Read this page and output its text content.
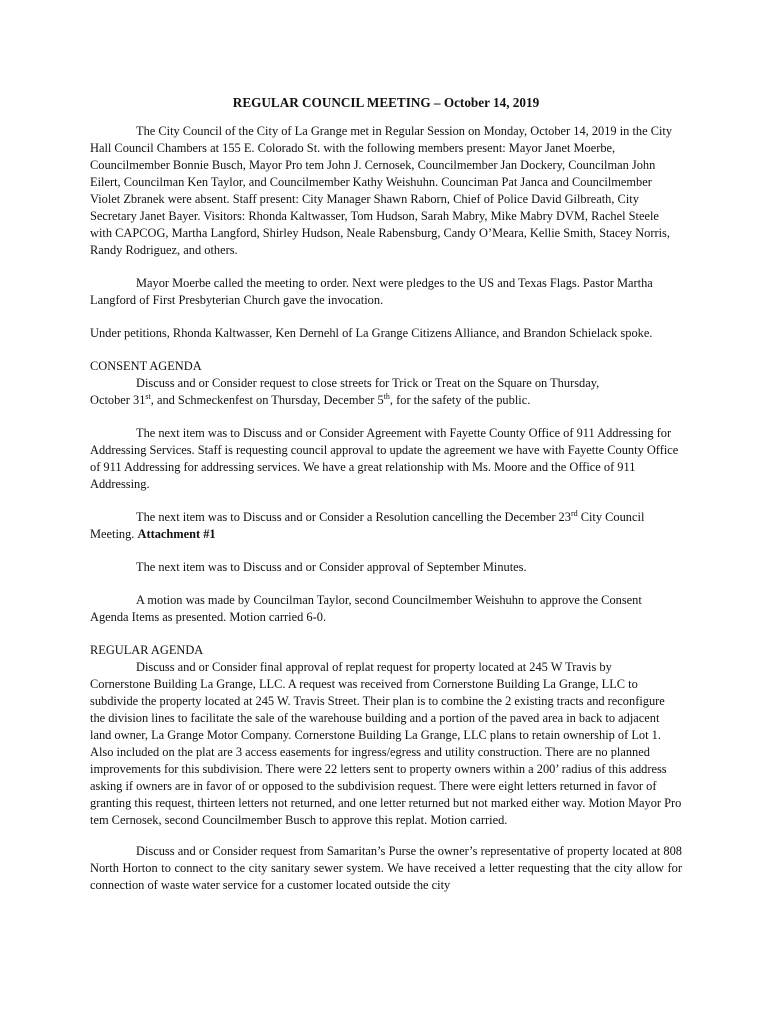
REGULAR COUNCIL MEETING – October 14, 2019

The City Council of the City of La Grange met in Regular Session on Monday, October 14, 2019 in the City Hall Council Chambers at 155 E. Colorado St. with the following members present: Mayor Janet Moerbe, Councilmember Bonnie Busch, Mayor Pro tem John J. Cernosek, Councilmember Jan Dockery, Councilman John Eilert, Councilman Ken Taylor, and Councilmember Kathy Weishuhn. Counciman Pat Janca and Councilmember Violet Zbranek were absent. Staff present: City Manager Shawn Raborn, Chief of Police David Gilbreath, City Secretary Janet Bayer. Visitors: Rhonda Kaltwasser, Tom Hudson, Sarah Mabry, Mike Mabry DVM, Rachel Steele with CAPCOG, Martha Langford, Shirley Hudson, Neale Rabensburg, Candy O’Meara, Kellie Smith, Stacey Norris, Randy Rodriguez, and others.

Mayor Moerbe called the meeting to order. Next were pledges to the US and Texas Flags. Pastor Martha Langford of First Presbyterian Church gave the invocation.

Under petitions, Rhonda Kaltwasser, Ken Dernehl of La Grange Citizens Alliance, and Brandon Schielack spoke.

CONSENT AGENDA

Discuss and or Consider request to close streets for Trick or Treat on the Square on Thursday,
October 31st, and Schmeckenfest on Thursday, December 5th, for the safety of the public.

The next item was to Discuss and or Consider Agreement with Fayette County Office of 911 Addressing for Addressing Services. Staff is requesting council approval to update the agreement we have with Fayette County Office of 911 Addressing for addressing services. We have a great relationship with Ms. Moore and the Office of 911 Addressing.

The next item was to Discuss and or Consider a Resolution cancelling the December 23rd City Council Meeting. Attachment #1

The next item was to Discuss and or Consider approval of September Minutes.

A motion was made by Councilman Taylor, second Councilmember Weishuhn to approve the Consent Agenda Items as presented. Motion carried 6-0.

REGULAR AGENDA

Discuss and or Consider final approval of replat request for property located at 245 W Travis by
Cornerstone Building La Grange, LLC. A request was received from Cornerstone Building La Grange, LLC to subdivide the property located at 245 W. Travis Street. Their plan is to combine the 2 existing tracts and reconfigure the division lines to facilitate the sale of the warehouse building and a portion of the paved area in back to adjacent land owner, La Grange Motor Company. Cornerstone Building La Grange, LLC plans to retain ownership of Lot 1. Also included on the plat are 3 access easements for ingress/egress and utility construction. There are no planned improvements for this subdivision. There were 22 letters sent to property owners within a 200’ radius of this address asking if owners are in favor of or opposed to the subdivision request. There were eight letters returned in favor of granting this request, thirteen letters not returned, and one letter returned but not marked either way. Motion Mayor Pro tem Cernosek, second Councilmember Busch to approve this replat. Motion carried.

Discuss and or Consider request from Samaritan’s Purse the owner’s representative of property located at 808 North Horton to connect to the city sanitary sewer system. We have received a letter requesting that the city allow for connection of waste water service for a customer located outside the city
